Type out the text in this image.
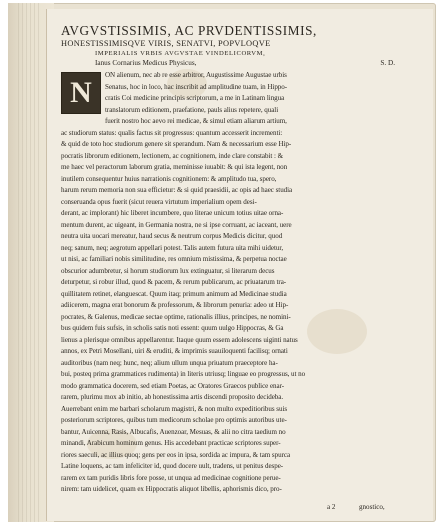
AVGVSTISSIMIS, AC PRVDENTISSIMIS,
HONESTISSIMISQVE VIRIS, SENATVI, POPVLOQVE
IMPERIALIS VRBIS AVGVSTAE VINDELICORVM,
Ianus Cornarius Medicus Physicus,	S. D.
N
ON alienum, nec ab re esse arbitror, Augustissime Augustae urbis
Senatus, hoc in loco, hac inscribit ad amplitudine tuam, in Hippo-
cratis Coi medicine principis scriptorum, a me in Latinam lingua
translatorum editionem, praefatione, pauls alius repetere, quali
fuerit nostro hoc aevo rei medicae, & simul etiam aliarum artium,
ac studiorum status: qualis factus sit progressus: quantum accesserit incrementi:
& quid de toto hoc studiorum genere sit sperandum. Nam & necessarium esse Hip-
pocratis librorum editionem, lectionem, ac cognitionem, inde clare constabit : &
me haec vel peractorum laborum gratia, meminisse iuuabit: & qui ista legent, non
inutilem consequentur huius narrationis cognitionem: & amplitudo tua, spero,
harum rerum memoria non sua efficietur: & si quid praesidii, ac opis ad haec studia
conseruanda opus fuerit (sicut reuera virtutum imperialium opem desi-
derant, ac implorant) hic liberet incumbere, quo literae unicum totius uitae orna-
mentum durent, ac uigeant, in Germania nostra, ne si ipse corruant, ac iaceant, uere
neutra uita uocari mereatur, haud secus & neutrum corpus Medicis dicitur, quod
neq; sanum, neq; aegrotum appellari potest. Talis autem futura uita mihi uidetur,
ut nisi, ac familiari nobis similitudine, res omnium mistissima, & perpetua noctae
obscurior adumbretur, si horum studiorum lux extinguatur, si literarum decus
deturpetur, si robur illud, quod & pacem, & rerum publicarum, ac priuatarum tra-
quillitatem retinet, elanguescat. Quum itaq; primum animum ad Medicinae studia
adiicerem, magna erat bonorum & professorum, & librorum penuria: adeo ut Hip-
pocrates, & Galenus, medicae sectae optime, rationalis illius, principes, ne nomini-
bus quidem fuis sufsis, in scholis satis noti essent: quum uulgo Hippocras, & Ga
lienus a plerisque omnibus appellarentur. Itaque quum essem adolescens uiginti natus
annos, ex Petri Mosellani, uiri & eruditi, & imprimis suauiloquenti facilisq; ornati
auditoribus (nam neq; hunc, neq; alium ullum unqua priuatum praeceptore ha-
bui, posteq prima grammatices rudimenta) in literis utriusq; linguae eo progressus, ut no
modo grammatica docerem, sed etiam Poetas, ac Oratores Graecos publice enar-
rarem, plurimu mox ab initio, ab honestissima artis discendi proposito decideba.
Auerrebant enim me barbari scholarum magistri, & non multo expeditioribus suis
posteriorum scriptores, quibus tum medicorum scholae pro optimis autoribus ute-
bantur, Auicenna, Rasis, Albucafis, Auenzoar, Mesuas, & alii no citra taedium no
minandi, Arabicum hominum genus. His accedebant practicae scriptores super-
riores saeculi, ac illius quoq; gens per eos in ipsa, sordida ac impura, & tam spurca
Latine loquens, ac tam infeliciter id, quod docere uult, tradens, ut penitus despe-
rarem ex tam puridis libris fore posse, ut unqua ad medicinae cognitione perue-
nirem: tam uidelicet, quam ex Hippocratis aliquot libellis, aphorismis dico, pro-
a 2	gnostico,
